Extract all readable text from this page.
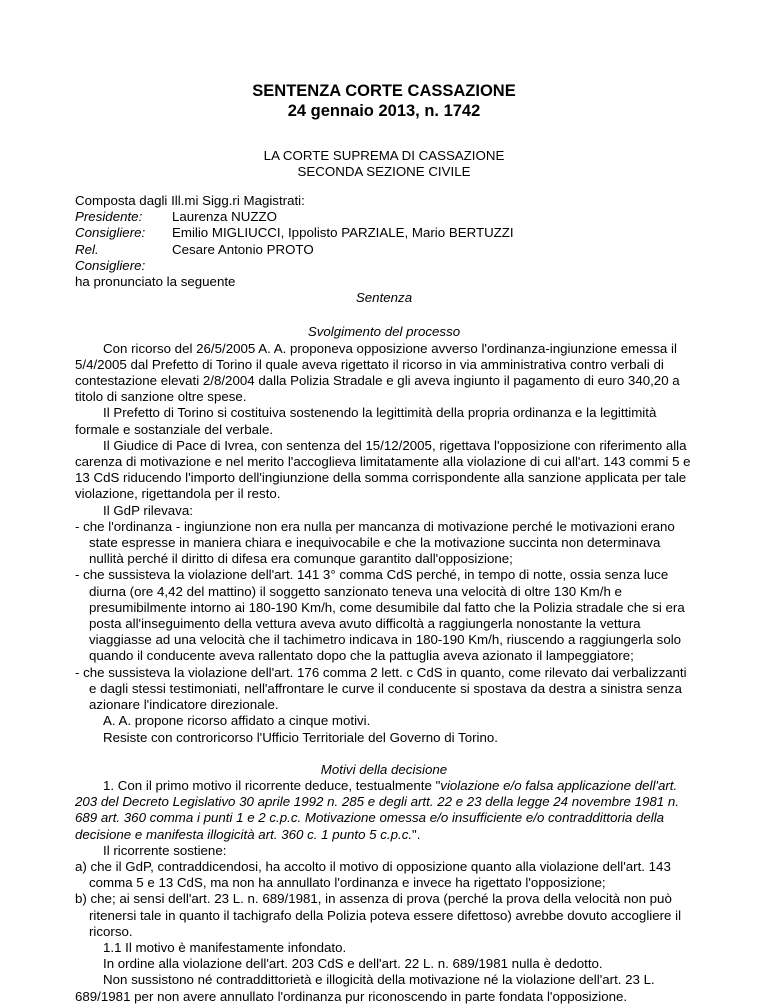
SENTENZA CORTE CASSAZIONE
24 gennaio 2013, n. 1742
LA CORTE SUPREMA DI CASSAZIONE
SECONDA SEZIONE CIVILE

Composta dagli Ill.mi Sigg.ri Magistrati:

Presidente:	Laurenza NUZZO
Consigliere:	Emilio MIGLIUCCI, Ippolisto PARZIALE, Mario BERTUZZI
Rel. Consigliere:
Cesare Antonio PROTO

ha pronunciato la seguente

Sentenza

Svolgimento del processo

Con ricorso del 26/5/2005 A. A. proponeva opposizione avverso l'ordinanza-ingiunzione emessa il 5/4/2005 dal Prefetto di Torino il quale aveva rigettato il ricorso in via amministrativa contro verbali di contestazione elevati 2/8/2004 dalla Polizia Stradale e gli aveva ingiunto il pagamento di euro 340,20 a titolo di sanzione oltre spese.

Il Prefetto di Torino si costituiva sostenendo la legittimità della propria ordinanza e la legittimità formale e sostanziale del verbale.

Il Giudice di Pace di Ivrea, con sentenza del 15/12/2005, rigettava l'opposizione con riferimento alla carenza di motivazione e nel merito l'accoglieva limitatamente alla violazione di cui all'art. 143 commi 5 e 13 CdS riducendo l'importo dell'ingiunzione della somma corrispondente alla sanzione applicata per tale violazione, rigettandola per il resto.

Il GdP rilevava:

- che l'ordinanza - ingiunzione non era nulla per mancanza di motivazione perché le motivazioni erano state espresse in maniera chiara e inequivocabile e che la motivazione succinta non determinava nullità perché il diritto di difesa era comunque garantito dall'opposizione;
- che sussisteva la violazione dell'art. 141 3° comma CdS perché, in tempo di notte, ossia senza luce diurna (ore 4,42 del mattino) il soggetto sanzionato teneva una velocità di oltre 130 Km/h e presumibilmente intorno ai 180-190 Km/h, come desumibile dal fatto che la Polizia stradale che si era posta all'inseguimento della vettura aveva avuto difficoltà a raggiungerla nonostante la vettura viaggiasse ad una velocità che il tachimetro indicava in 180-190 Km/h, riuscendo a raggiungerla solo quando il conducente aveva rallentato dopo che la pattuglia aveva azionato il lampeggiatore;
- che sussisteva la violazione dell'art. 176 comma 2 lett. c CdS in quanto, come rilevato dai verbalizzanti e dagli stessi testimoniati, nell'affrontare le curve il conducente si spostava da destra a sinistra senza azionare l'indicatore direzionale.

A. A. propone ricorso affidato a cinque motivi.

Resiste con controricorso l'Ufficio Territoriale del Governo di Torino.

Motivi della decisione

1. Con il primo motivo il ricorrente deduce, testualmente "violazione e/o falsa applicazione dell'art. 203 del Decreto Legislativo 30 aprile 1992 n. 285 e degli artt. 22 e 23 della legge 24 novembre 1981 n. 689 art. 360 comma i punti 1 e 2 c.p.c. Motivazione omessa e/o insufficiente e/o contraddittoria della decisione e manifesta illogicità art. 360 c. 1 punto 5 c.p.c.".

Il ricorrente sostiene:

a) che il GdP, contraddicendosi, ha accolto il motivo di opposizione quanto alla violazione dell'art. 143 comma 5 e 13 CdS, ma non ha annullato l'ordinanza e invece ha rigettato l'opposizione;
b) che; ai sensi dell'art. 23 L. n. 689/1981, in assenza di prova (perché la prova della velocità non può ritenersi tale in quanto il tachigrafo della Polizia poteva essere difettoso) avrebbe dovuto accogliere il ricorso.

1.1 Il motivo è manifestamente infondato.

In ordine alla violazione dell'art. 203 CdS e dell'art. 22 L. n. 689/1981 nulla è dedotto.

Non sussistono né contraddittorietà e illogicità della motivazione né la violazione dell'art. 23 L. 689/1981 per non avere annullato l'ordinanza pur riconoscendo in parte fondata l'opposizione.
